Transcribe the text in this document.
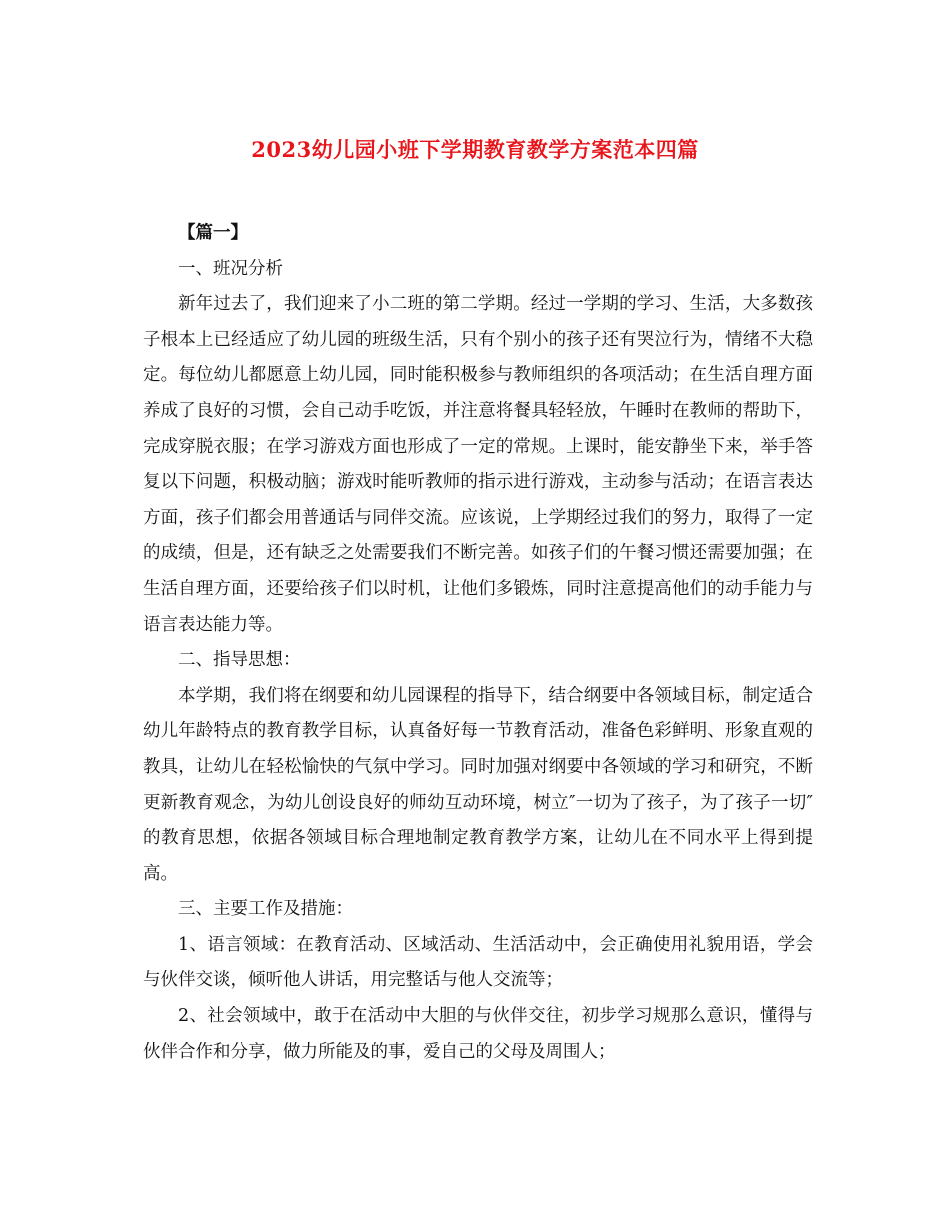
2023幼儿园小班下学期教育教学方案范本四篇

【篇一】

一、班况分析

新年过去了，我们迎来了小二班的第二学期。经过一学期的学习、生活，大多数孩子根本上已经适应了幼儿园的班级生活，只有个别小的孩子还有哭泣行为，情绪不大稳定。每位幼儿都愿意上幼儿园，同时能积极参与教师组织的各项活动；在生活自理方面养成了良好的习惯，会自己动手吃饭，并注意将餐具轻轻放，午睡时在教师的帮助下，完成穿脱衣服；在学习游戏方面也形成了一定的常规。上课时，能安静坐下来，举手答复以下问题，积极动脑；游戏时能听教师的指示进行游戏，主动参与活动；在语言表达方面，孩子们都会用普通话与同伴交流。应该说，上学期经过我们的努力，取得了一定的成绩，但是，还有缺乏之处需要我们不断完善。如孩子们的午餐习惯还需要加强；在生活自理方面，还要给孩子们以时机，让他们多锻炼，同时注意提高他们的动手能力与语言表达能力等。

二、指导思想：

本学期，我们将在纲要和幼儿园课程的指导下，结合纲要中各领域目标，制定适合幼儿年龄特点的教育教学目标，认真备好每一节教育活动，准备色彩鲜明、形象直观的教具，让幼儿在轻松愉快的气氛中学习。同时加强对纲要中各领域的学习和研究，不断更新教育观念，为幼儿创设良好的师幼互动环境，树立″一切为了孩子，为了孩子一切″的教育思想，依据各领域目标合理地制定教育教学方案，让幼儿在不同水平上得到提高。

三、主要工作及措施：

1、语言领域：在教育活动、区域活动、生活活动中，会正确使用礼貌用语，学会与伙伴交谈，倾听他人讲话，用完整话与他人交流等；

2、社会领域中，敢于在活动中大胆的与伙伴交往，初步学习规那么意识，懂得与伙伴合作和分享，做力所能及的事，爱自己的父母及周围人；
